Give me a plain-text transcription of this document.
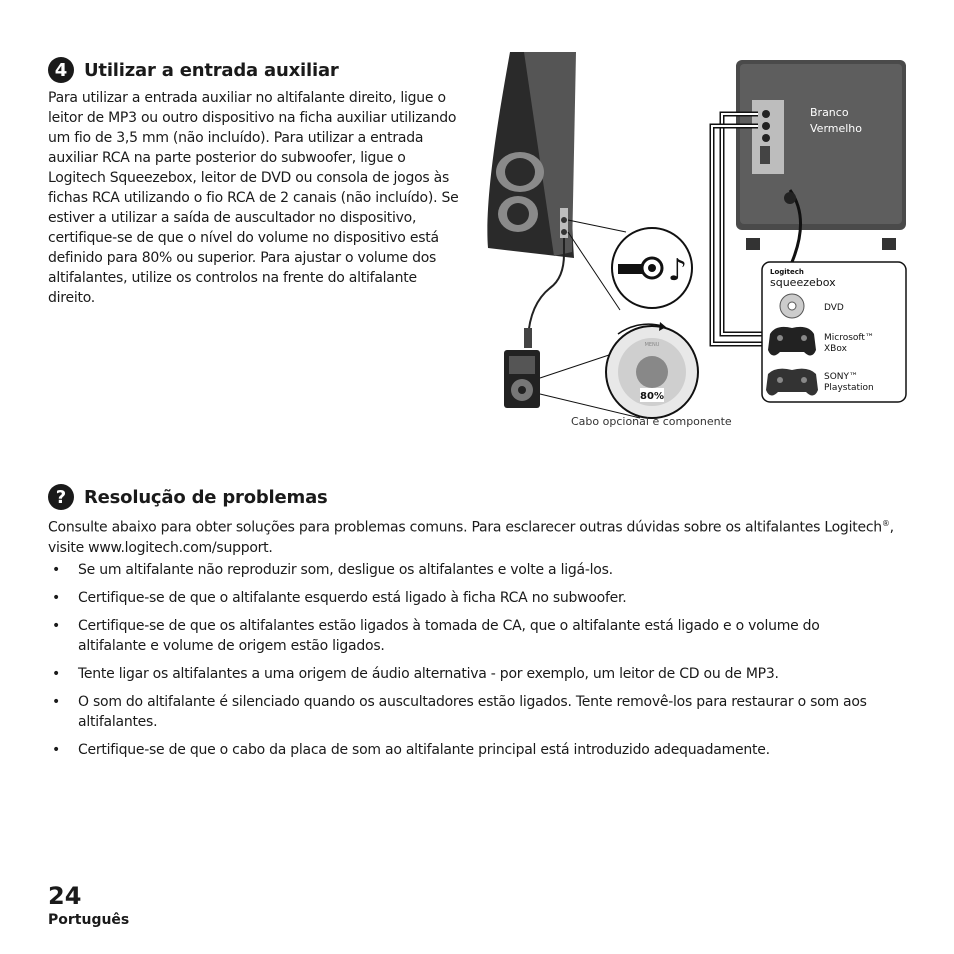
4 Utilizar a entrada auxiliar

Para utilizar a entrada auxiliar no altifalante direito, ligue o leitor de MP3 ou outro dispositivo na ficha auxiliar utilizando um fio de 3,5 mm (não incluído). Para utilizar a entrada auxiliar RCA na parte posterior do subwoofer, ligue o Logitech Squeezebox, leitor de DVD ou consola de jogos às fichas RCA utilizando o fio RCA de 2 canais (não incluído). Se estiver a utilizar a saída de auscultador no dispositivo, certifique-se de que o nível do volume no dispositivo está definido para 80% ou superior. Para ajustar o volume dos altifalantes, utilize os controlos na frente do altifalante direito.

♪
MENU
80%
Branco
Vermelho
Logitech
squeezebox
DVD
Microsoft™
XBox
SONY™
Playstation
Cabo opcional e componente
? Resolução de problemas

Consulte abaixo para obter soluções para problemas comuns. Para esclarecer outras dúvidas sobre os altifalantes Logitech®, visite www.logitech.com/support.

• Se um altifalante não reproduzir som, desligue os altifalantes e volte a ligá-los.
• Certifique-se de que o altifalante esquerdo está ligado à ficha RCA no subwoofer.
• Certifique-se de que os altifalantes estão ligados à tomada de CA, que o altifalante está ligado e o volume do altifalante e volume de origem estão ligados.
• Tente ligar os altifalantes a uma origem de áudio alternativa - por exemplo, um leitor de CD ou de MP3.
• O som do altifalante é silenciado quando os auscultadores estão ligados. Tente removê-los para restaurar o som aos altifalantes.
• Certifique-se de que o cabo da placa de som ao altifalante principal está introduzido adequadamente.
24
Português
